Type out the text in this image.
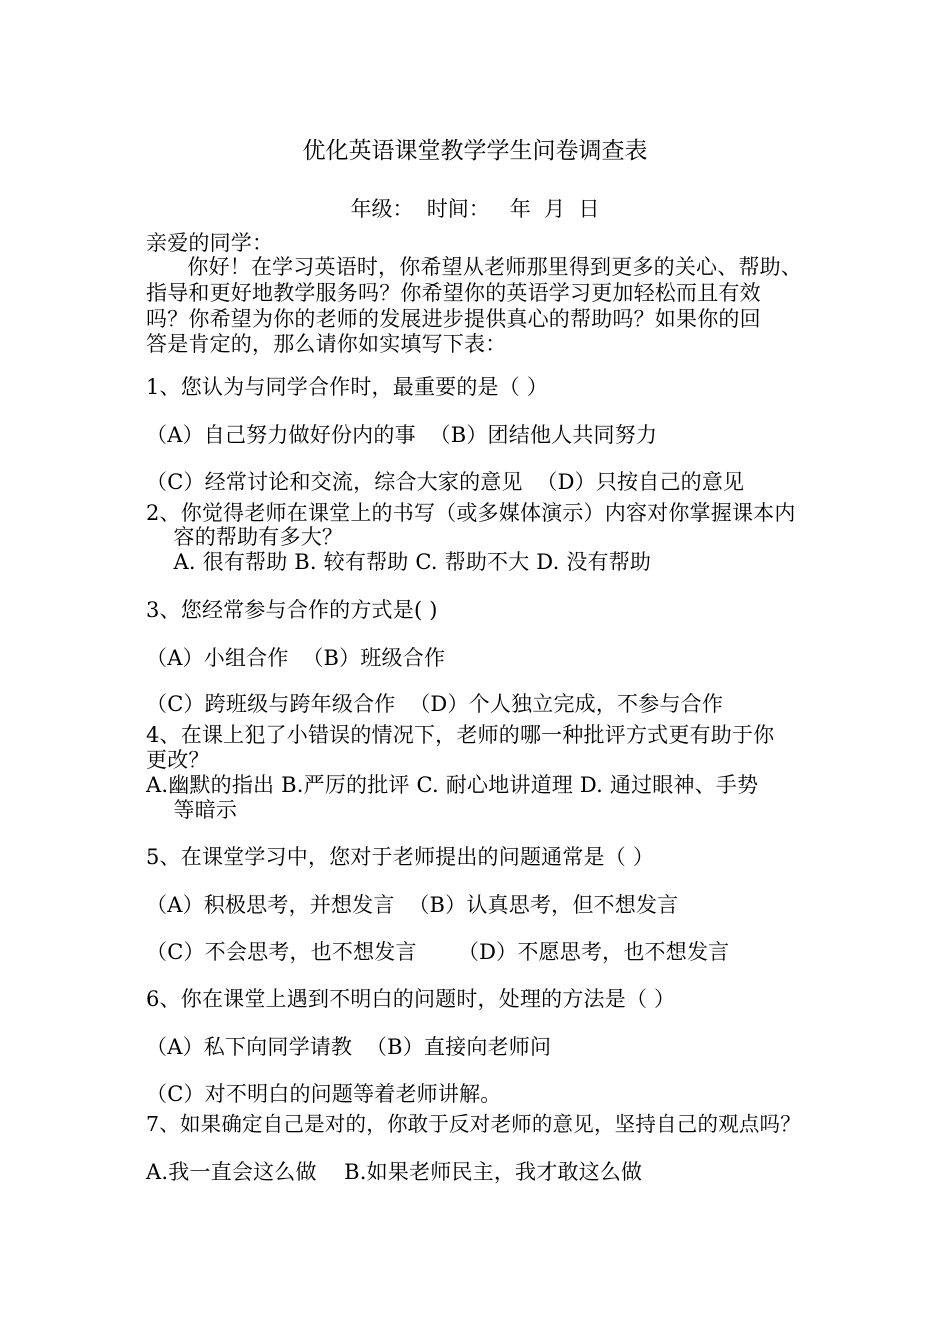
优化英语课堂教学学生问卷调查表
年级：  时间：   年  月  日
亲爱的同学：
你好！在学习英语时，你希望从老师那里得到更多的关心、帮助、
指导和更好地教学服务吗？你希望你的英语学习更加轻松而且有效
吗？你希望为你的老师的发展进步提供真心的帮助吗？如果你的回
答是肯定的，那么请你如实填写下表：
1、您认为与同学合作时，最重要的是（ ）
（A）自己努力做好份内的事  （B）团结他人共同努力
（C）经常讨论和交流，综合大家的意见  （D）只按自己的意见
2、你觉得老师在课堂上的书写（或多媒体演示）内容对你掌握课本内
容的帮助有多大？
A. 很有帮助 B. 较有帮助 C. 帮助不大 D. 没有帮助
3、您经常参与合作的方式是( )
（A）小组合作  （B）班级合作
（C）跨班级与跨年级合作  （D）个人独立完成，不参与合作
4、在课上犯了小错误的情况下，老师的哪一种批评方式更有助于你
更改？
A.幽默的指出 B.严厉的批评 C. 耐心地讲道理 D. 通过眼神、手势
等暗示
5、在课堂学习中，您对于老师提出的问题通常是（ ）
（A）积极思考，并想发言  （B）认真思考，但不想发言
（C）不会思考，也不想发言      （D）不愿思考，也不想发言
6、你在课堂上遇到不明白的问题时，处理的方法是（ ）
（A）私下向同学请教  （B）直接向老师问
（C）对不明白的问题等着老师讲解。
7、如果确定自己是对的，你敢于反对老师的意见，坚持自己的观点吗？
A.我一直会这么做    B.如果老师民主，我才敢这么做
